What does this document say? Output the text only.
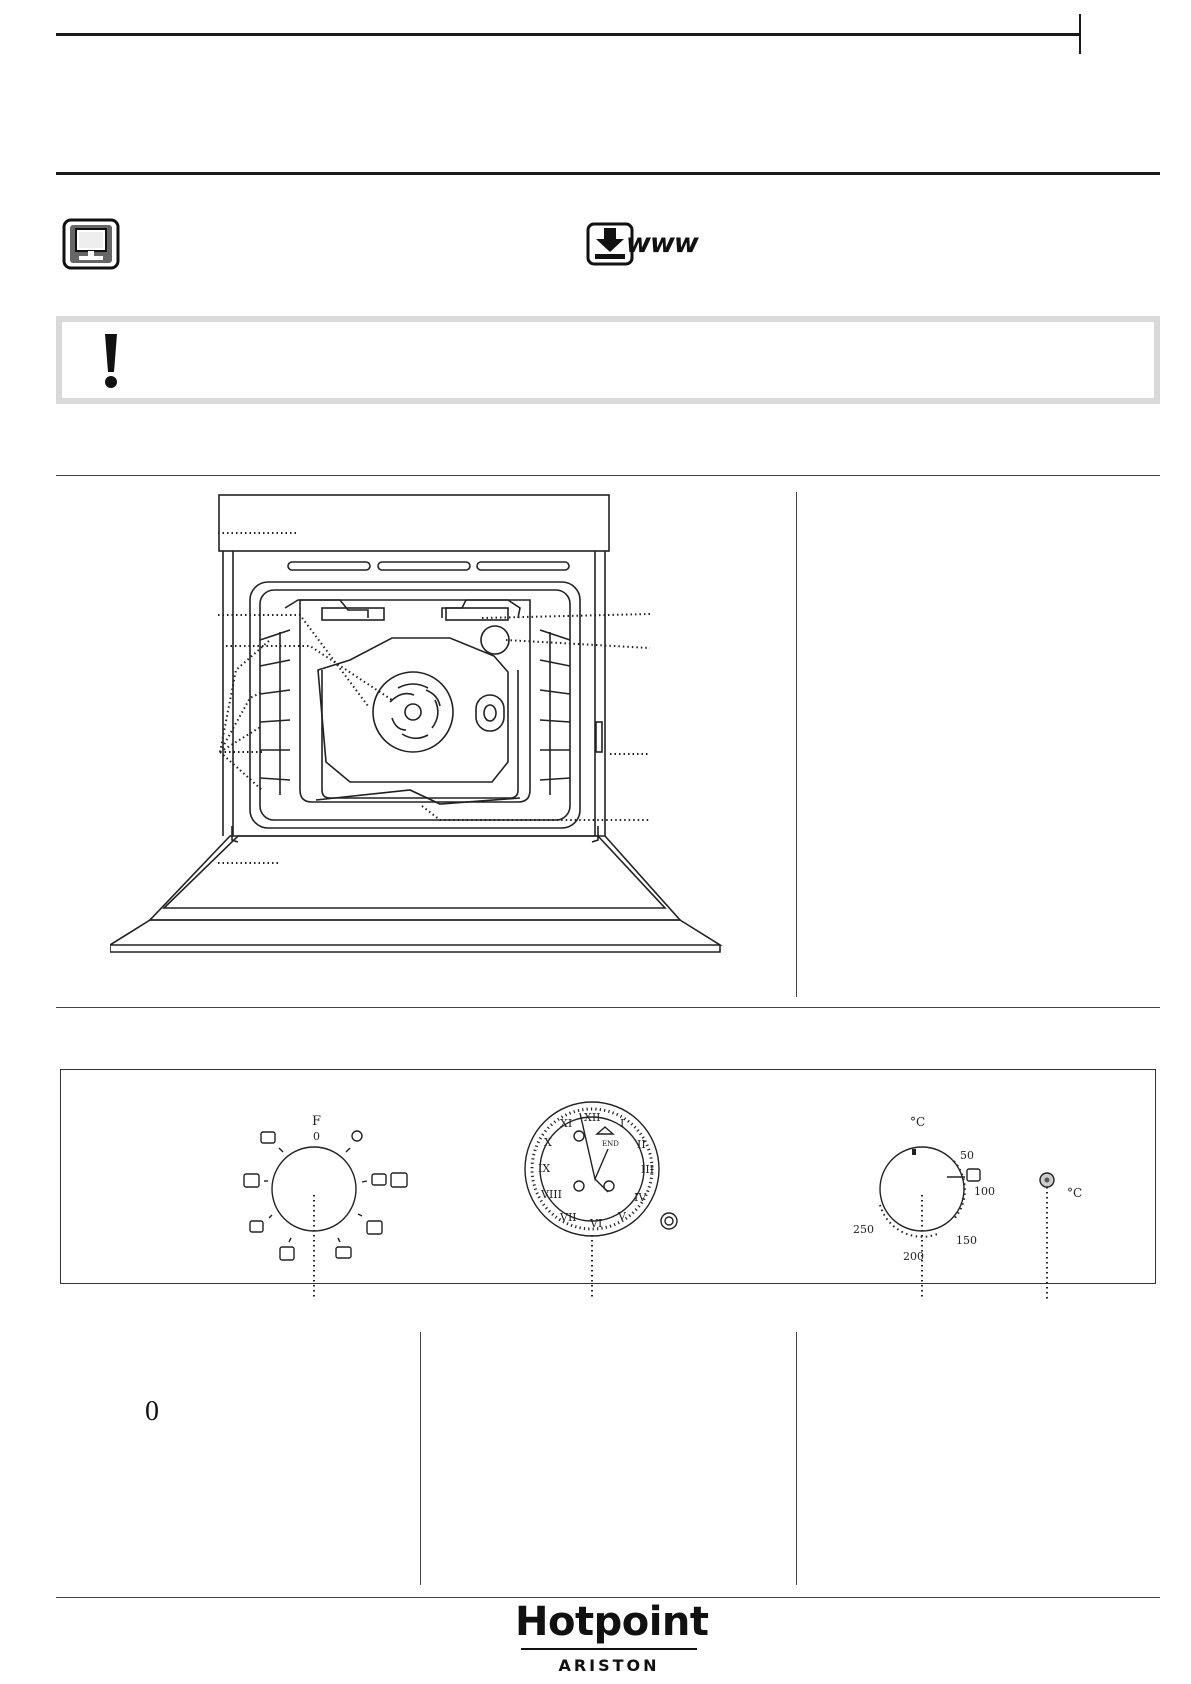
www
F
0
XII I
II
III
IV
V
VI
VII
VIII
IX
X
XI
END
°C
50
100
150
200
250
°C
0
Hotpoint
ARISTON
